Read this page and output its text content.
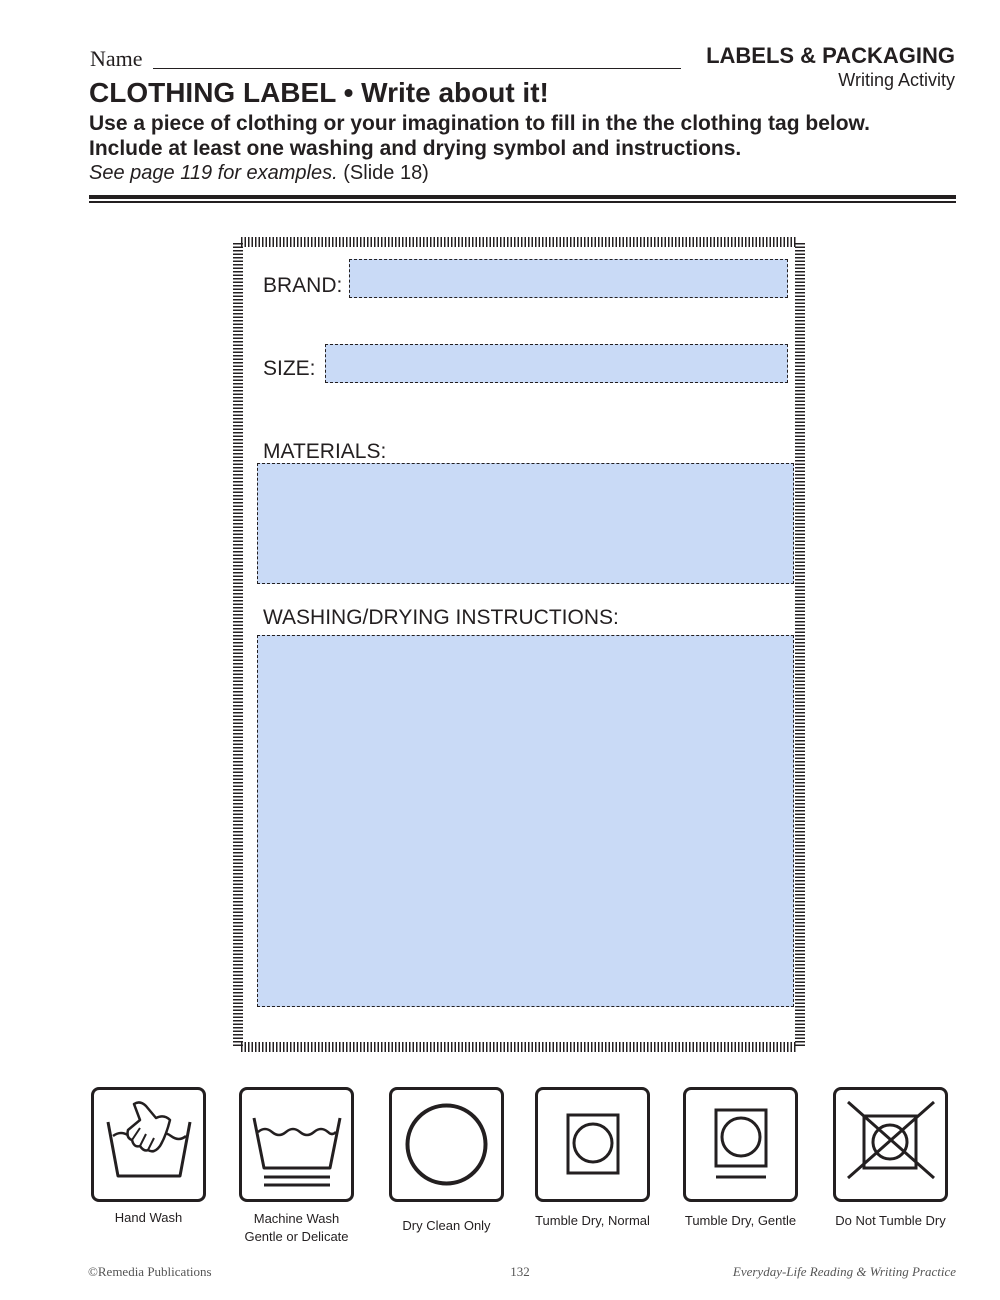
Name	LABELS & PACKAGING
Writing Activity
CLOTHING LABEL • Write about it!
Use a piece of clothing or your imagination to fill in the the clothing tag below.
Include at least one washing and drying symbol and instructions.
See page 119 for examples. (Slide 18)
BRAND:
SIZE:
MATERIALS:
WASHING/DRYING INSTRUCTIONS:
Hand Wash	Machine Wash
Gentle or Delicate
Dry Clean Only	Tumble Dry, Normal	Tumble Dry, Gentle	Do Not Tumble Dry
©Remedia Publications	132	Everyday-Life Reading & Writing Practice
